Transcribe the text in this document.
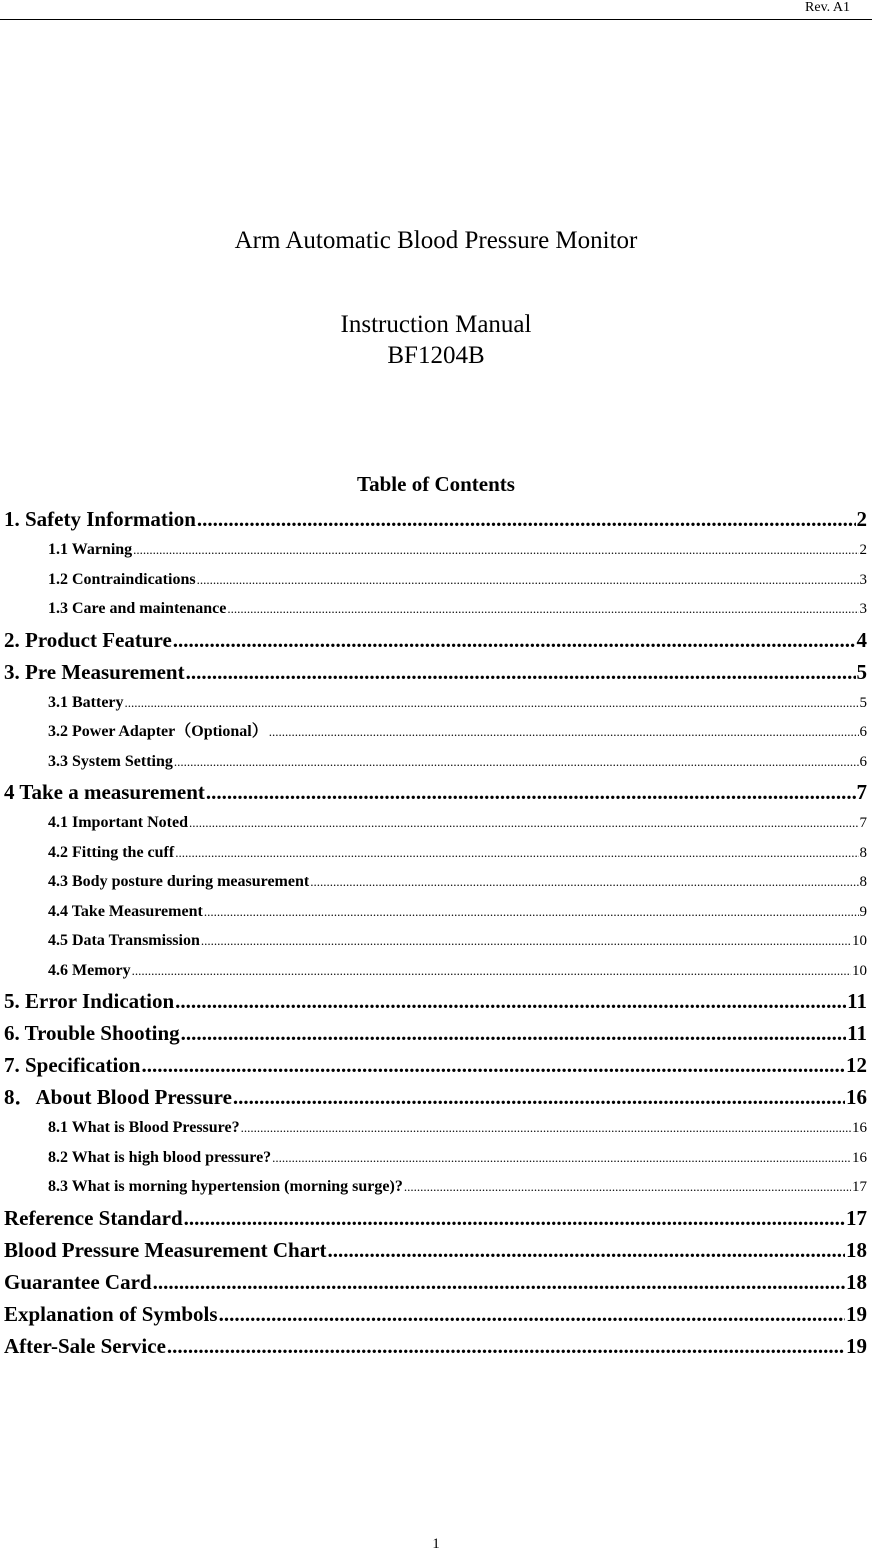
Rev. A1
Arm Automatic Blood Pressure Monitor
Instruction Manual
BF1204B
Table of Contents
1. Safety Information .....	2
1.1 Warning .....	2
1.2 Contraindications .....	3
1.3 Care and maintenance .....	3
2. Product Feature .....	4
3. Pre Measurement .....	5
3.1 Battery .....	5
3.2 Power Adapter（Optional） .....	6
3.3 System Setting .....	6
4 Take a measurement .....	7
4.1 Important Noted .....	7
4.2 Fitting the cuff .....	8
4.3 Body posture during measurement .....	8
4.4 Take Measurement .....	9
4.5 Data Transmission .....	10
4.6 Memory .....	10
5. Error Indication .....	11
6. Trouble Shooting .....	11
7. Specification .....	12
8．About Blood Pressure .....	16
8.1 What is Blood Pressure? .....	16
8.2 What is high blood pressure? .....	16
8.3 What is morning hypertension (morning surge)? .....	17
Reference Standard .....	17
Blood Pressure Measurement Chart .....	18
Guarantee Card .....	18
Explanation of Symbols .....	19
After-Sale Service .....	19
1
